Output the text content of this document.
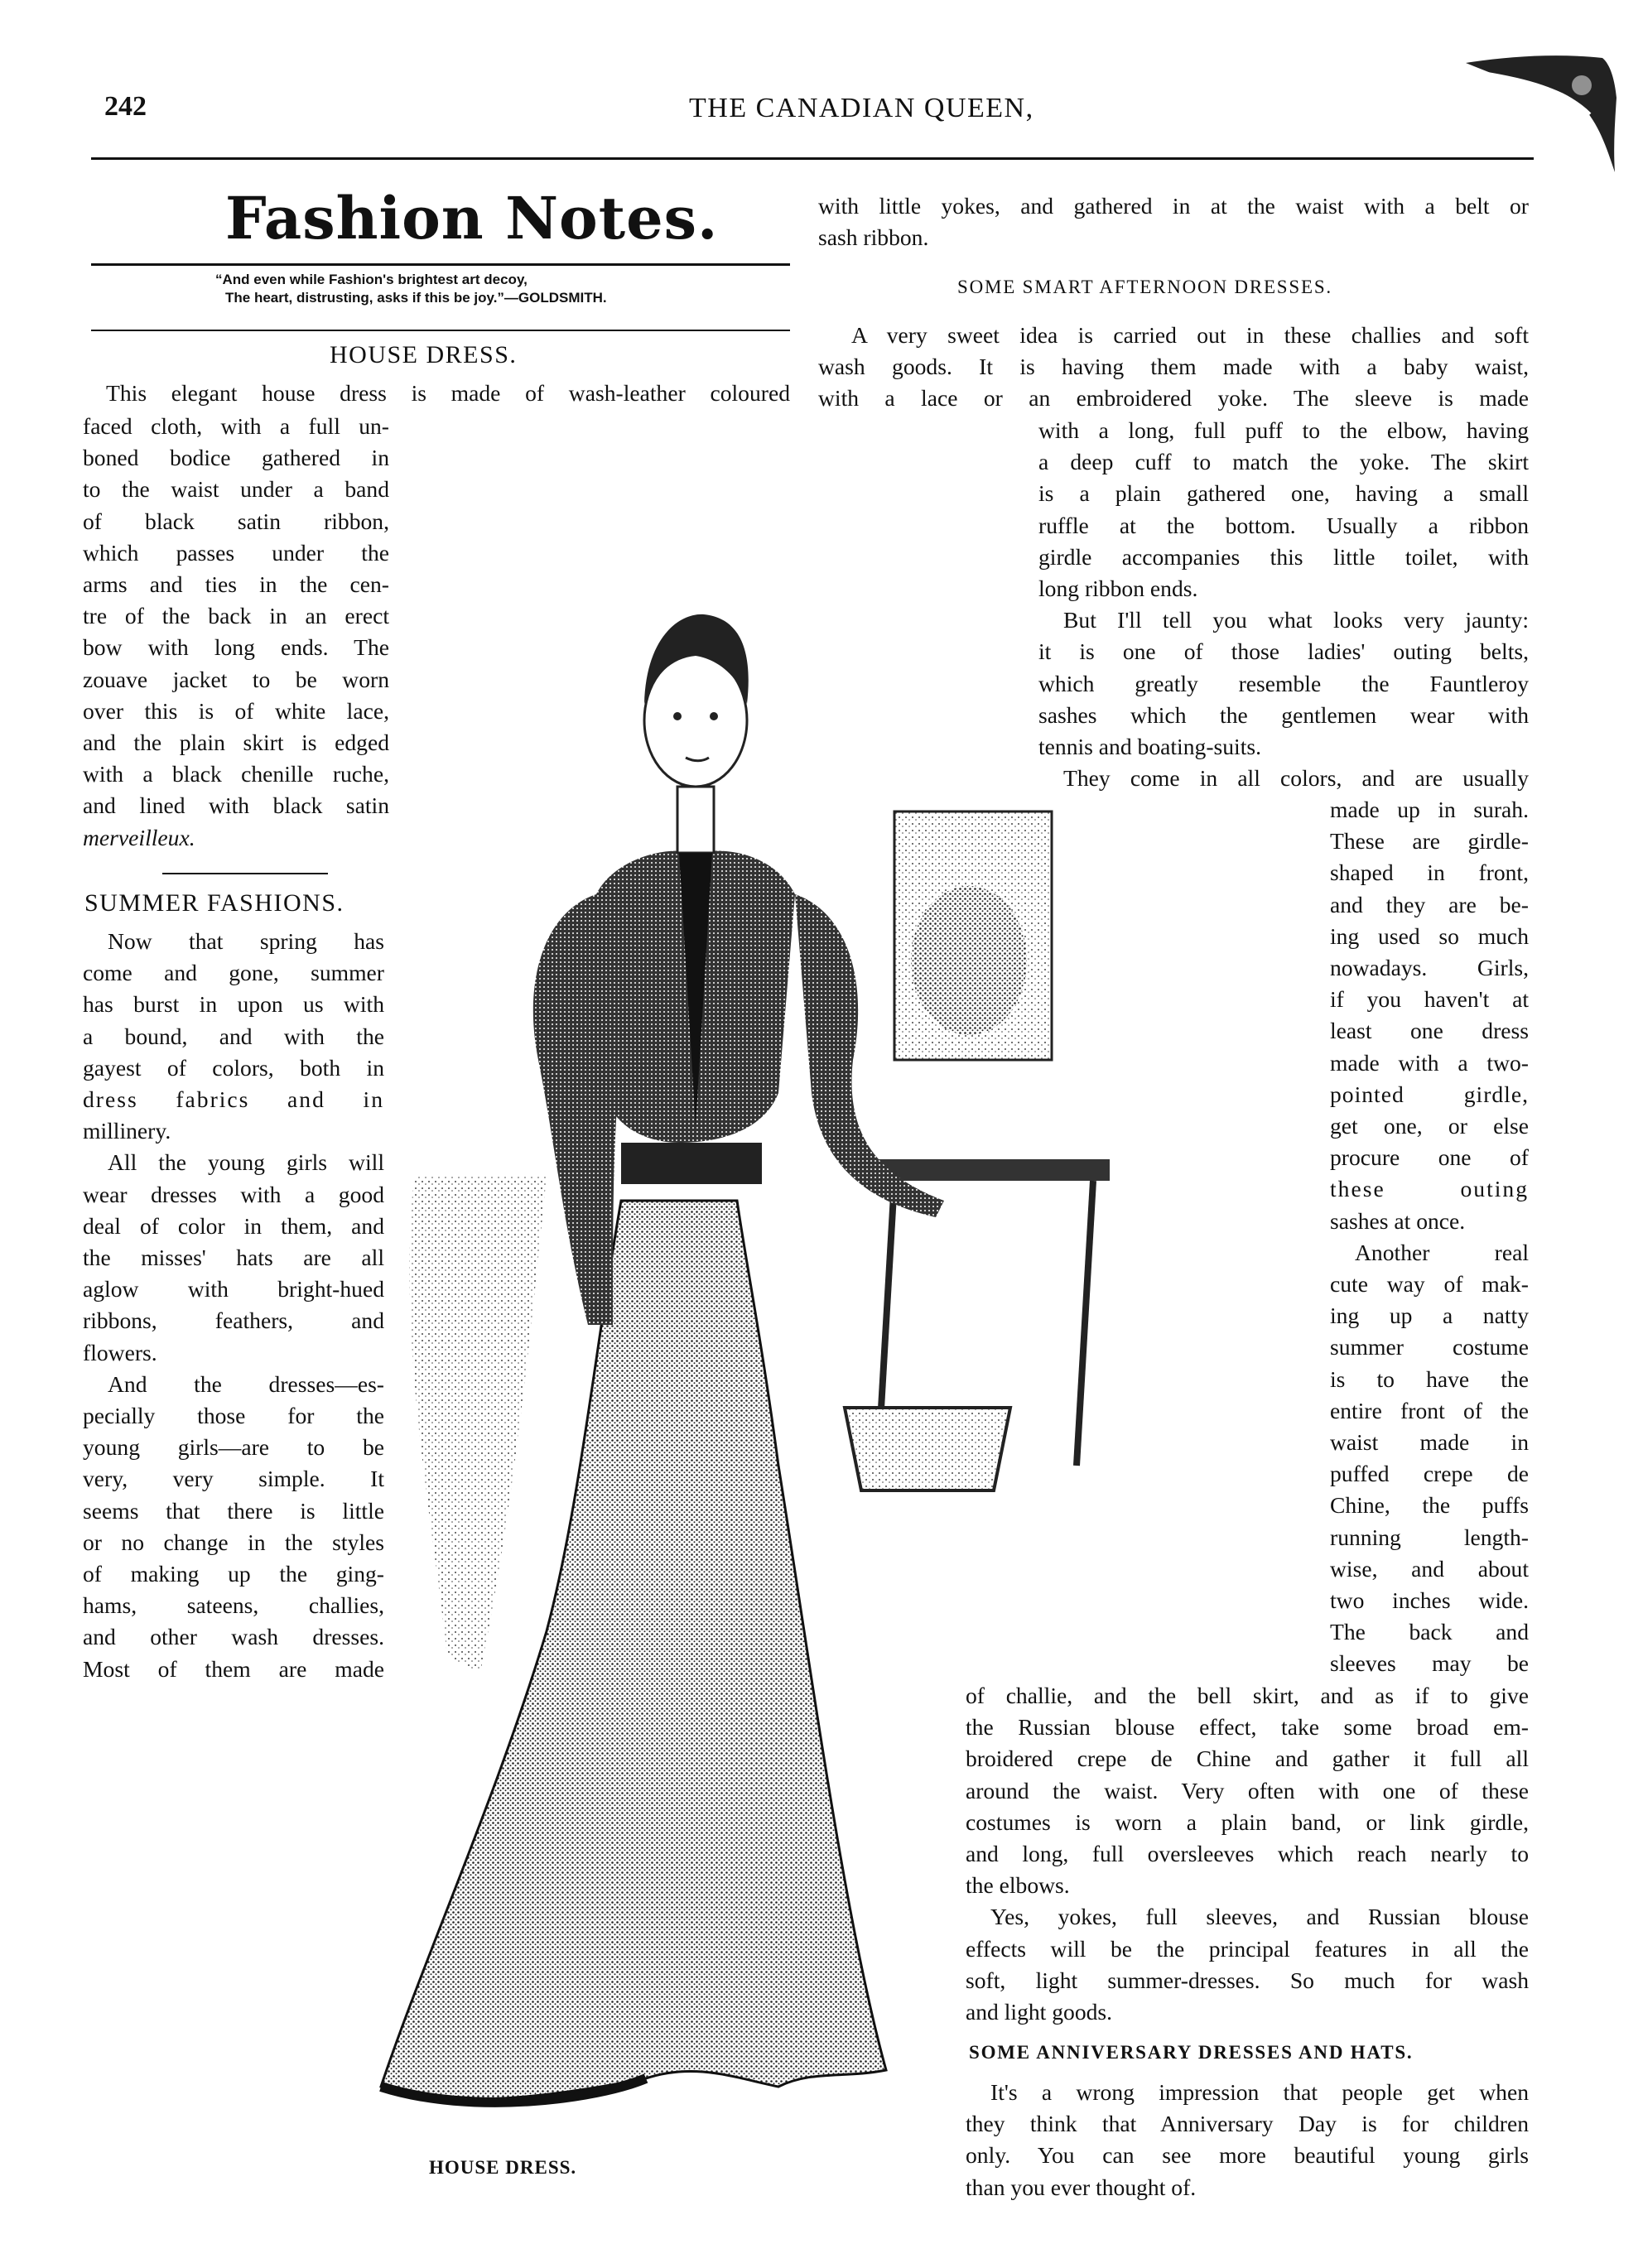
242	THE CANADIAN QUEEN,
Fashion Notes.
“And even while Fashion's brightest art decoy,
The heart, distrusting, asks if this be joy.”—GOLDSMITH.
HOUSE DRESS.
This elegant house dress is made of wash-leather coloured
faced cloth, with a full un-
boned bodice gathered in
to the waist under a band
of black satin ribbon,
which passes under the
arms and ties in the cen-
tre of the back in an erect
bow with long ends. The
zouave jacket to be worn
over this is of white lace,
and the plain skirt is edged
with a black chenille ruche,
and lined with black satin
merveilleux.
SUMMER FASHIONS.
Now that spring has
come and gone, summer
has burst in upon us with
a bound, and with the
gayest of colors, both in
dress fabrics and in
millinery.
All the young girls will
wear dresses with a good
deal of color in them, and
the misses' hats are all
aglow with bright-hued
ribbons, feathers, and
flowers.
And the dresses—es-
pecially those for the
young girls—are to be
very, very simple. It
seems that there is little
or no change in the styles
of making up the ging-
hams, sateens, challies,
and other wash dresses.
Most of them are made
HOUSE DRESS.
with little yokes, and gathered in at the waist with a belt or
sash ribbon.
SOME SMART AFTERNOON DRESSES.
A very sweet idea is carried out in these challies and soft
wash goods. It is having them made with a baby waist,
with a lace or an embroidered yoke. The sleeve is made
with a long, full puff to the elbow, having
a deep cuff to match the yoke. The skirt
is a plain gathered one, having a small
ruffle at the bottom. Usually a ribbon
girdle accompanies this little toilet, with
long ribbon ends.
But I'll tell you what looks very jaunty:
it is one of those ladies' outing belts,
which greatly resemble the Fauntleroy
sashes which the gentlemen wear with
tennis and boating-suits.
They come in all colors, and are usually
made up in surah.
These are girdle-
shaped in front,
and they are be-
ing used so much
nowadays. Girls,
if you haven't at
least one dress
made with a two-
pointed girdle,
get one, or else
procure one of
these outing
sashes at once.
Another real
cute way of mak-
ing up a natty
summer costume
is to have the
entire front of the
waist made in
puffed crepe de
Chine, the puffs
running length-
wise, and about
two inches wide.
The back and
sleeves may be
of challie, and the bell skirt, and as if to give
the Russian blouse effect, take some broad em-
broidered crepe de Chine and gather it full all
around the waist. Very often with one of these
costumes is worn a plain band, or link girdle,
and long, full oversleeves which reach nearly to
the elbows.
Yes, yokes, full sleeves, and Russian blouse
effects will be the principal features in all the
soft, light summer-dresses. So much for wash
and light goods.
SOME ANNIVERSARY DRESSES AND HATS.
It's a wrong impression that people get when
they think that Anniversary Day is for children
only. You can see more beautiful young girls
than you ever thought of.
